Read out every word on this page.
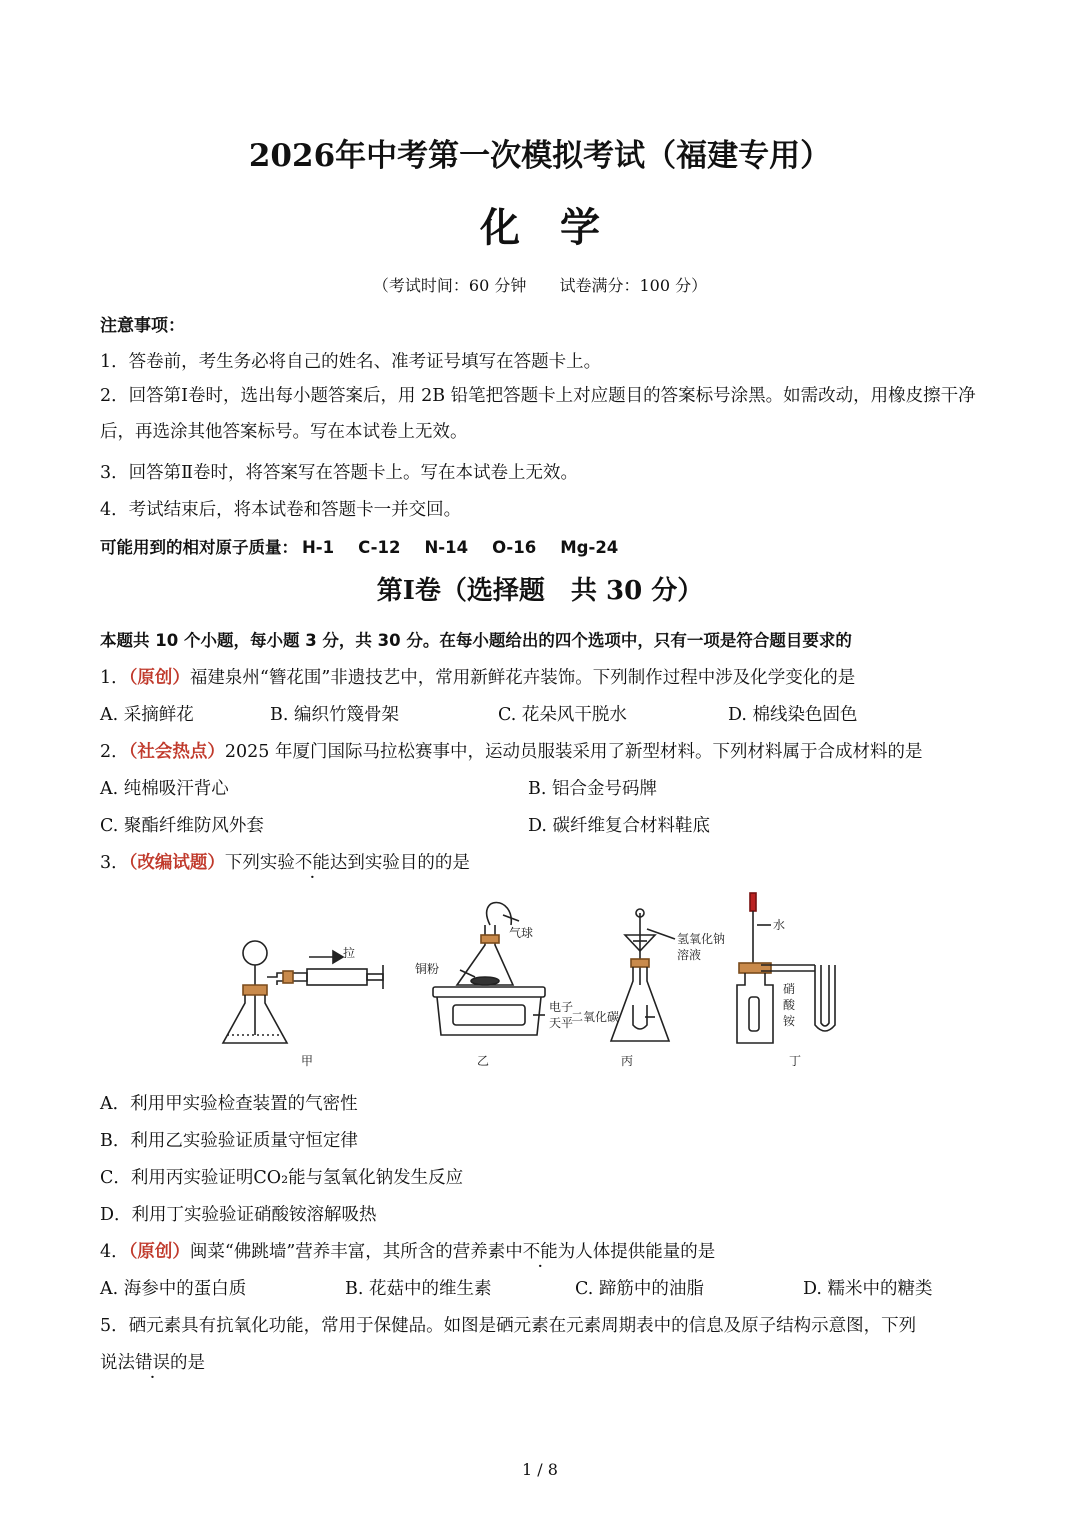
2026年中考第一次模拟考试（福建专用）
化学
（考试时间：60 分钟 试卷满分：100 分）
注意事项：
1．答卷前，考生务必将自己的姓名、准考证号填写在答题卡上。
2．回答第Ⅰ卷时，选出每小题答案后，用 2B 铅笔把答题卡上对应题目的答案标号涂黑。如需改动，用橡皮擦干净后，再选涂其他答案标号。写在本试卷上无效。
3．回答第Ⅱ卷时，将答案写在答题卡上。写在本试卷上无效。
4．考试结束后，将本试卷和答题卡一并交回。
可能用到的相对原子质量： H-1 C-12 N-14 O-16 Mg-24
第Ⅰ卷（选择题　共 30 分）
本题共 10 个小题，每小题 3 分，共 30 分。在每小题给出的四个选项中，只有一项是符合题目要求的
1．（原创）福建泉州“簪花围”非遗技艺中，常用新鲜花卉装饰。下列制作过程中涉及化学变化的是
A. 采摘鲜花	B. 编织竹篾骨架	C. 花朵风干脱水	D. 棉线染色固色
2．（社会热点）2025 年厦门国际马拉松赛事中，运动员服装采用了新型材料。下列材料属于合成材料的是
A. 纯棉吸汗背心	B. 铝合金号码牌
C. 聚酯纤维防风外套	D. 碳纤维复合材料鞋底
3．（改编试题）下列实验不能达到实验目的的是
拉
气球
铜粉
电子
天平
氢氧化钠
溶液
二氧化碳
水
硝
酸
铵
甲	乙	丙	丁
A．利用甲实验检查装置的气密性
B．利用乙实验验证质量守恒定律
C．利用丙实验证明CO₂能与氢氧化钠发生反应
D．利用丁实验验证硝酸铵溶解吸热
4．（原创）闽菜“佛跳墙”营养丰富，其所含的营养素中不能为人体提供能量的是
A. 海参中的蛋白质	B. 花菇中的维生素	C. 蹄筋中的油脂	D. 糯米中的糖类
5．硒元素具有抗氧化功能，常用于保健品。如图是硒元素在元素周期表中的信息及原子结构示意图，下列
说法错误的是
1 / 8
